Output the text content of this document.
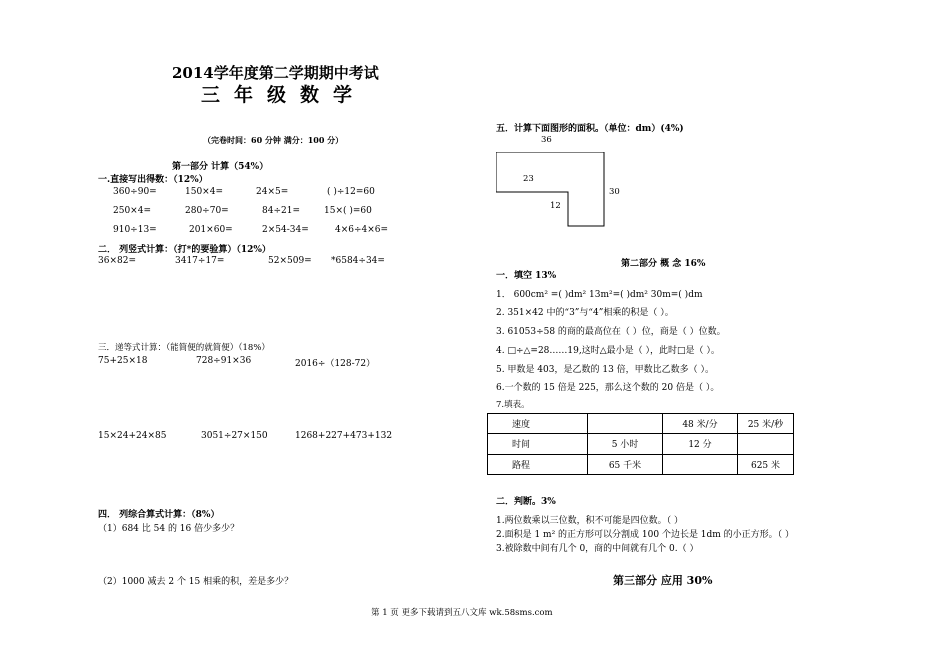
2014学年度第二学期期中考试
三年级数学
（完卷时间：60 分钟 满分：100 分）
第一部分 计算（54%）
一.直接写出得数：（12%）
360÷90=	150×4=	24×5=	( )÷12=60
250×4=	280÷70=	84÷21=	15×( )=60
910÷13=	201×60=	2×54-34=	4×6÷4×6=
二． 列竖式计算：（打*的要验算）（12%）
36×82=	3417÷17=	52×509= *6584÷34=
三．递等式计算：（能简便的就简便）（18%）
75+25×18	728÷91×36	2016÷（128-72）
15×24+24×85	3051÷27×150	1268+227+473+132
四． 列综合算式计算：（8%）
（1）684 比 54 的 16 倍少多少？
（2）1000 减去 2 个 15 相乘的积，差是多少？
五．计算下面图形的面积。（单位：dm）(4%)
36
23
30
12
第二部分 概 念 16%
一．填空 13%
1． 600cm² =( )dm² 13m²=( )dm² 30m=( )dm
2. 351×42 中的“3”与“4”相乘的积是（ ）。
3. 61053÷58 的商的最高位在（ ）位，商是（ ）位数。
4. □÷△=28……19,这时△最小是（ ），此时□是（ ）。
5. 甲数是 403，是乙数的 13 倍，甲数比乙数多（ ）。
6.一个数的 15 倍是 225，那么这个数的 20 倍是（ ）。
7.填表。
速度		48 米/分	25 米/秒
时间	5 小时	12 分	
路程	65 千米		625 米
二．判断。3%
1.两位数乘以三位数，积不可能是四位数。（ ）
2.面积是 1 m² 的正方形可以分割成 100 个边长是 1dm 的小正方形。（ ）
3.被除数中间有几个 0，商的中间就有几个 0.（ ）
第三部分 应用 30%
第 1 页 更多下载请到五八文库 wk.58sms.com
